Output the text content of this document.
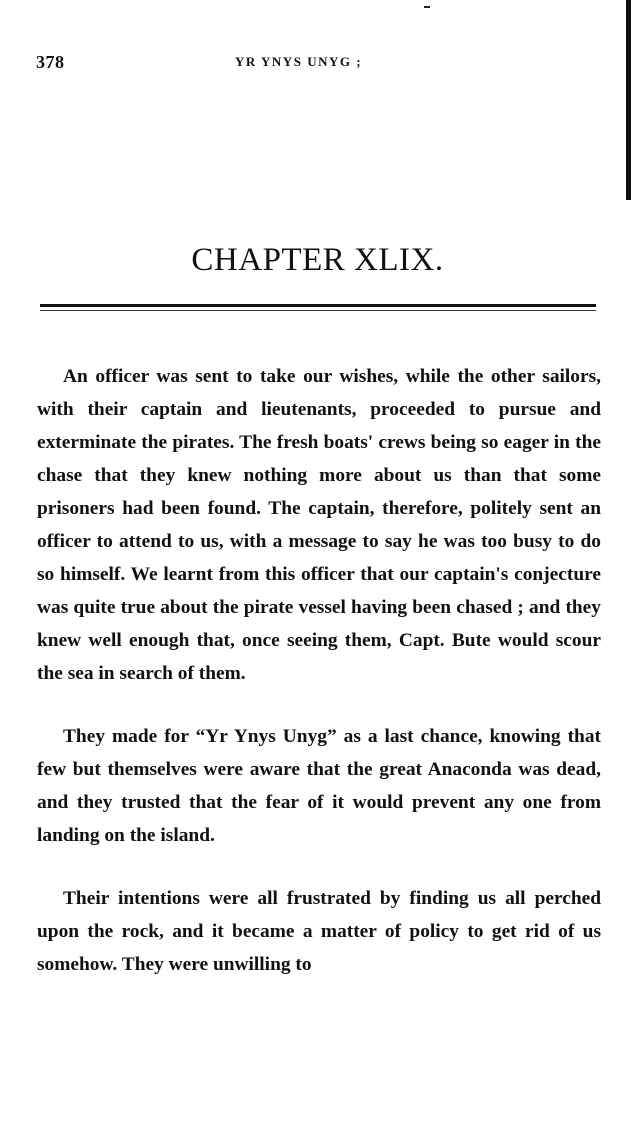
378	YR YNYS UNYG ;
CHAPTER XLIX.

An officer was sent to take our wishes, while the other sailors, with their captain and lieutenants, proceeded to pursue and exterminate the pirates. The fresh boats' crews being so eager in the chase that they knew nothing more about us than that some prisoners had been found. The captain, therefore, politely sent an officer to attend to us, with a message to say he was too busy to do so himself. We learnt from this officer that our captain's conjecture was quite true about the pirate vessel having been chased ; and they knew well enough that, once seeing them, Capt. Bute would scour the sea in search of them.

They made for “Yr Ynys Unyg” as a last chance, knowing that few but themselves were aware that the great Anaconda was dead, and they trusted that the fear of it would prevent any one from landing on the island.

Their intentions were all frustrated by finding us all perched upon the rock, and it became a matter of policy to get rid of us somehow. They were unwilling to
